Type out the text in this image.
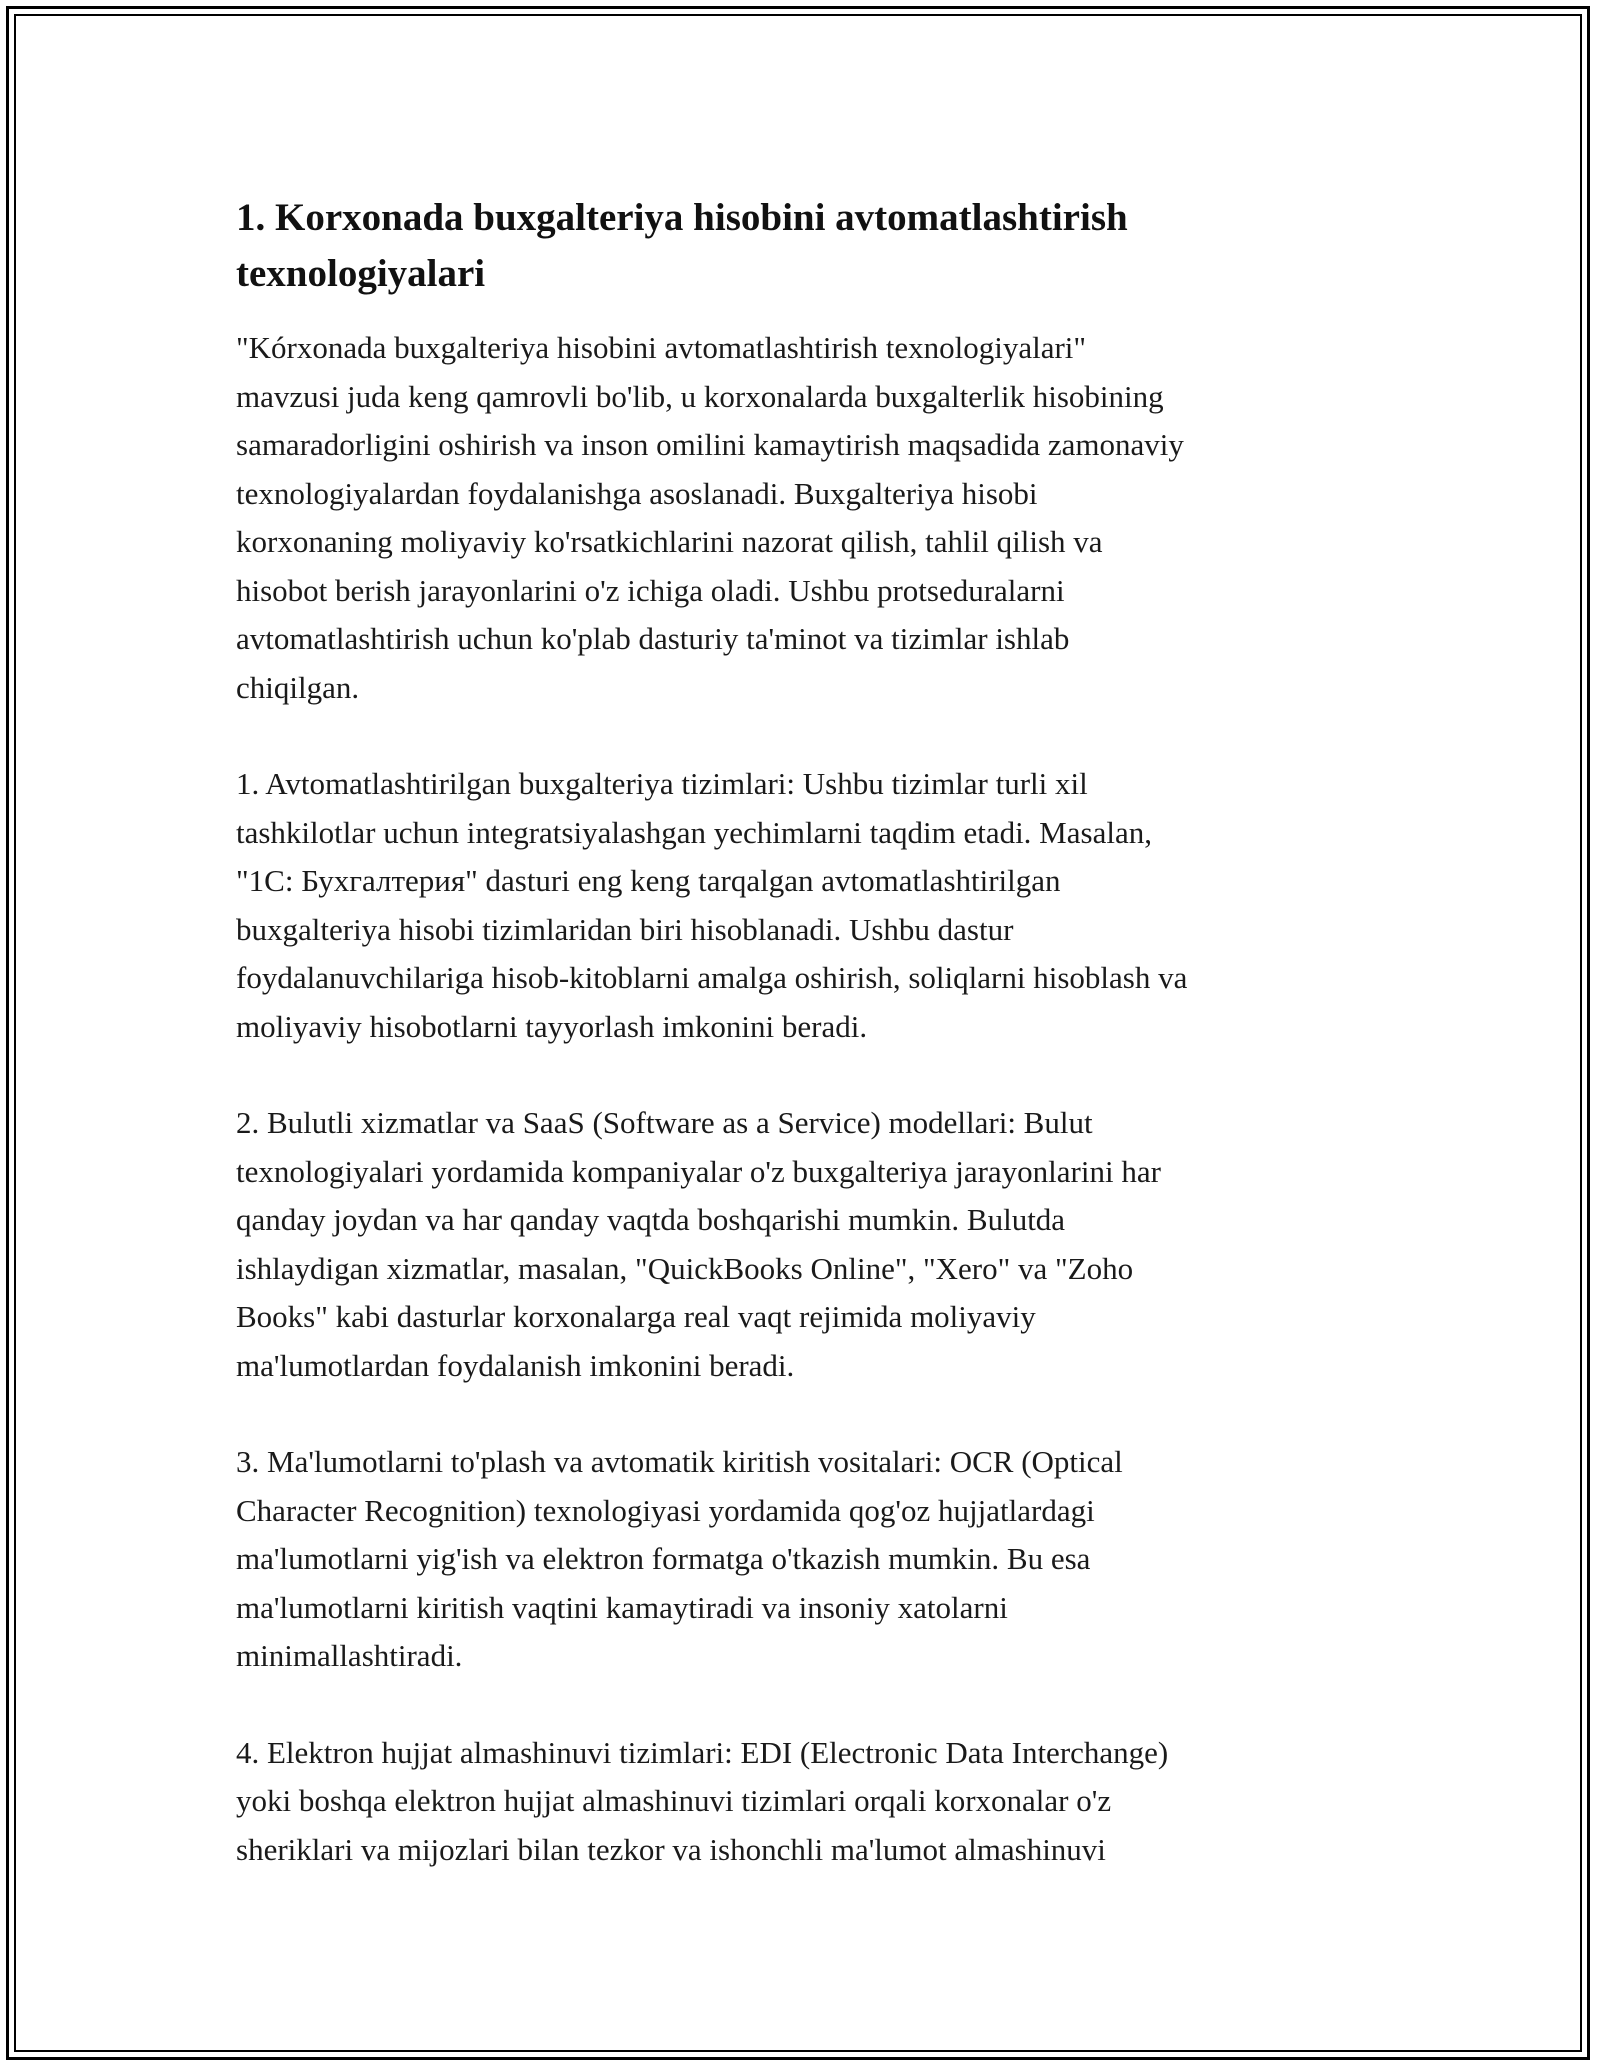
1. Korxonada buxgalteriya hisobini avtomatlashtirish
texnologiyalari

"Kórxonada buxgalteriya hisobini avtomatlashtirish texnologiyalari"
mavzusi juda keng qamrovli bo'lib, u korxonalarda buxgalterlik hisobining
samaradorligini oshirish va inson omilini kamaytirish maqsadida zamonaviy
texnologiyalardan foydalanishga asoslanadi. Buxgalteriya hisobi
korxonaning moliyaviy ko'rsatkichlarini nazorat qilish, tahlil qilish va
hisobot berish jarayonlarini o'z ichiga oladi. Ushbu protseduralarni
avtomatlashtirish uchun ko'plab dasturiy ta'minot va tizimlar ishlab
chiqilgan.

1. Avtomatlashtirilgan buxgalteriya tizimlari: Ushbu tizimlar turli xil
tashkilotlar uchun integratsiyalashgan yechimlarni taqdim etadi. Masalan,
"1C: Бухгалтерия" dasturi eng keng tarqalgan avtomatlashtirilgan
buxgalteriya hisobi tizimlaridan biri hisoblanadi. Ushbu dastur
foydalanuvchilariga hisob-kitoblarni amalga oshirish, soliqlarni hisoblash va
moliyaviy hisobotlarni tayyorlash imkonini beradi.

2. Bulutli xizmatlar va SaaS (Software as a Service) modellari: Bulut
texnologiyalari yordamida kompaniyalar o'z buxgalteriya jarayonlarini har
qanday joydan va har qanday vaqtda boshqarishi mumkin. Bulutda
ishlaydigan xizmatlar, masalan, "QuickBooks Online", "Xero" va "Zoho
Books" kabi dasturlar korxonalarga real vaqt rejimida moliyaviy
ma'lumotlardan foydalanish imkonini beradi.

3. Ma'lumotlarni to'plash va avtomatik kiritish vositalari: OCR (Optical
Character Recognition) texnologiyasi yordamida qog'oz hujjatlardagi
ma'lumotlarni yig'ish va elektron formatga o'tkazish mumkin. Bu esa
ma'lumotlarni kiritish vaqtini kamaytiradi va insoniy xatolarni
minimallashtiradi.

4. Elektron hujjat almashinuvi tizimlari: EDI (Electronic Data Interchange)
yoki boshqa elektron hujjat almashinuvi tizimlari orqali korxonalar o'z
sheriklari va mijozlari bilan tezkor va ishonchli ma'lumot almashinuvi
